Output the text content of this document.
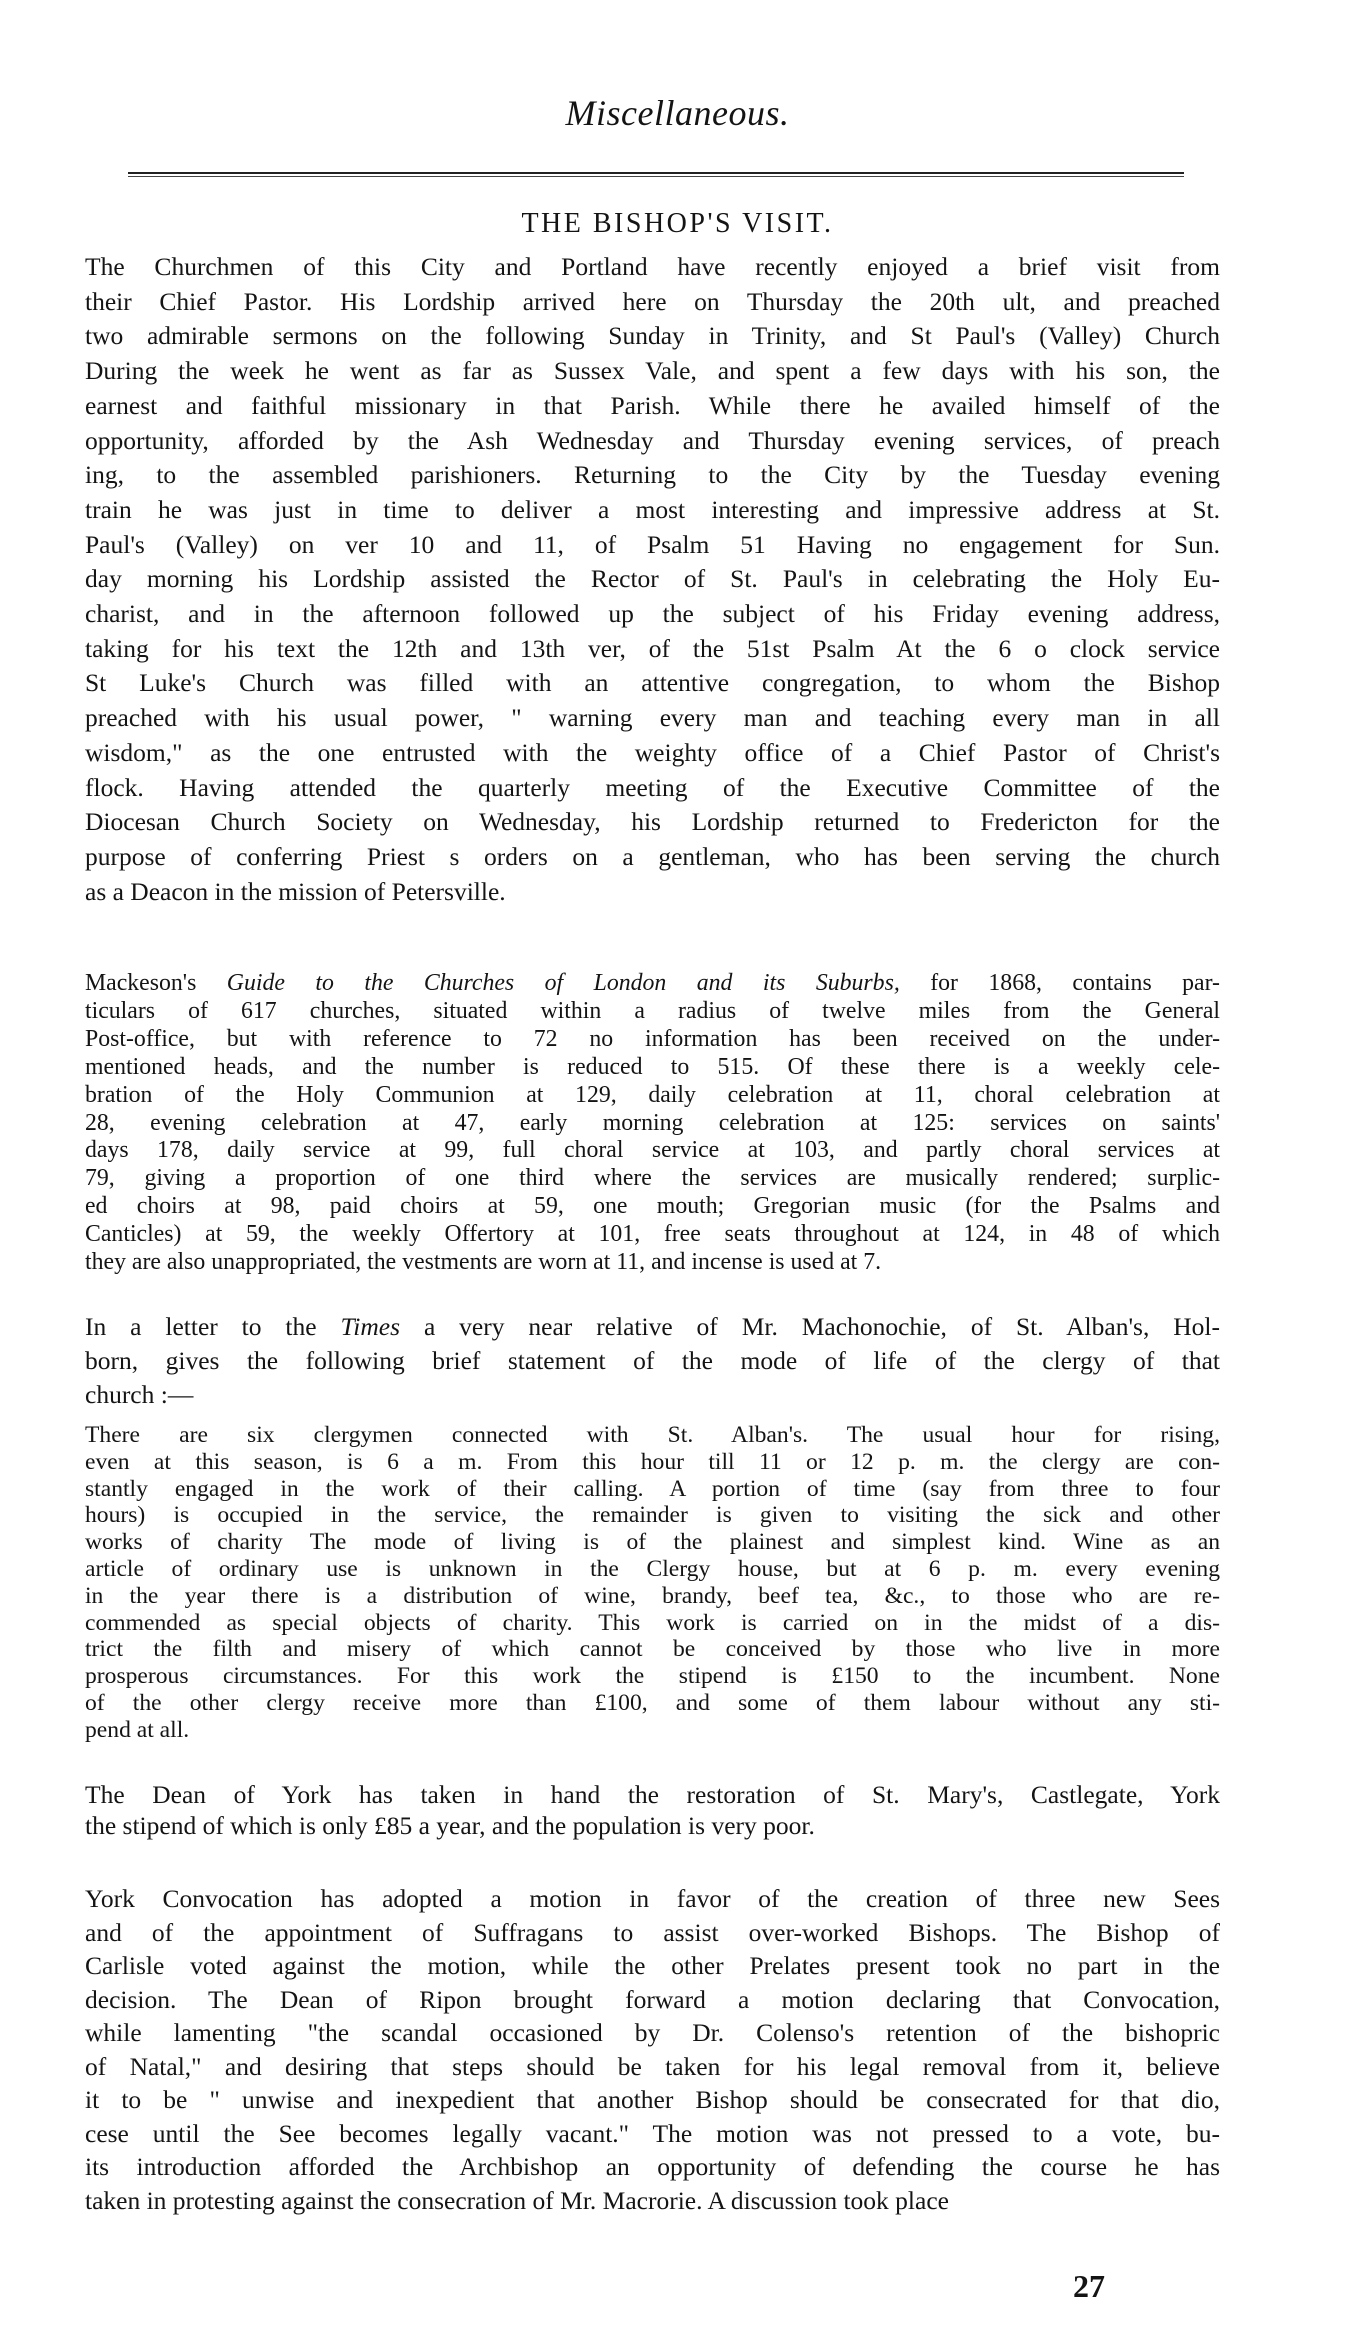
Miscellaneous.
THE BISHOP'S VISIT.

The Churchmen of this City and Portland have recently enjoyed a brief visit from
their Chief Pastor. His Lordship arrived here on Thursday the 20th ult, and preached
two admirable sermons on the following Sunday in Trinity, and St Paul's (Valley) Church
During the week he went as far as Sussex Vale, and spent a few days with his son, the
earnest and faithful missionary in that Parish. While there he availed himself of the
opportunity, afforded by the Ash Wednesday and Thursday evening services, of preach
ing, to the assembled parishioners. Returning to the City by the Tuesday evening
train he was just in time to deliver a most interesting and impressive address at St.
Paul's (Valley) on ver 10 and 11, of Psalm 51 Having no engagement for Sun.
day morning his Lordship assisted the Rector of St. Paul's in celebrating the Holy Eu-
charist, and in the afternoon followed up the subject of his Friday evening address,
taking for his text the 12th and 13th ver, of the 51st Psalm At the 6 o clock service
St Luke's Church was filled with an attentive congregation, to whom the Bishop
preached with his usual power, " warning every man and teaching every man in all
wisdom," as the one entrusted with the weighty office of a Chief Pastor of Christ's
flock. Having attended the quarterly meeting of the Executive Committee of the
Diocesan Church Society on Wednesday, his Lordship returned to Fredericton for the
purpose of conferring Priest s orders on a gentleman, who has been serving the church
as a Deacon in the mission of Petersville.

Mackeson's Guide to the Churches of London and its Suburbs, for 1868, contains par-
ticulars of 617 churches, situated within a radius of twelve miles from the General
Post-office, but with reference to 72 no information has been received on the under-
mentioned heads, and the number is reduced to 515. Of these there is a weekly cele-
bration of the Holy Communion at 129, daily celebration at 11, choral celebration at
28, evening celebration at 47, early morning celebration at 125: services on saints'
days 178, daily service at 99, full choral service at 103, and partly choral services at
79, giving a proportion of one third where the services are musically rendered; surplic-
ed choirs at 98, paid choirs at 59, one mouth; Gregorian music (for the Psalms and
Canticles) at 59, the weekly Offertory at 101, free seats throughout at 124, in 48 of which
they are also unappropriated, the vestments are worn at 11, and incense is used at 7.

In a letter to the Times a very near relative of Mr. Machonochie, of St. Alban's, Hol-
born, gives the following brief statement of the mode of life of the clergy of that
church :—

There are six clergymen connected with St. Alban's. The usual hour for rising,
even at this season, is 6 a m. From this hour till 11 or 12 p. m. the clergy are con-
stantly engaged in the work of their calling. A portion of time (say from three to four
hours) is occupied in the service, the remainder is given to visiting the sick and other
works of charity The mode of living is of the plainest and simplest kind. Wine as an
article of ordinary use is unknown in the Clergy house, but at 6 p. m. every evening
in the year there is a distribution of wine, brandy, beef tea, &c., to those who are re-
commended as special objects of charity. This work is carried on in the midst of a dis-
trict the filth and misery of which cannot be conceived by those who live in more
prosperous circumstances. For this work the stipend is £150 to the incumbent. None
of the other clergy receive more than £100, and some of them labour without any sti-
pend at all.

The Dean of York has taken in hand the restoration of St. Mary's, Castlegate, York
the stipend of which is only £85 a year, and the population is very poor.

York Convocation has adopted a motion in favor of the creation of three new Sees
and of the appointment of Suffragans to assist over-worked Bishops. The Bishop of
Carlisle voted against the motion, while the other Prelates present took no part in the
decision. The Dean of Ripon brought forward a motion declaring that Convocation,
while lamenting "the scandal occasioned by Dr. Colenso's retention of the bishopric
of Natal," and desiring that steps should be taken for his legal removal from it, believe
it to be " unwise and inexpedient that another Bishop should be consecrated for that dio,
cese until the See becomes legally vacant." The motion was not pressed to a vote, bu-
its introduction afforded the Archbishop an opportunity of defending the course he has
taken in protesting against the consecration of Mr. Macrorie. A discussion took place

27
